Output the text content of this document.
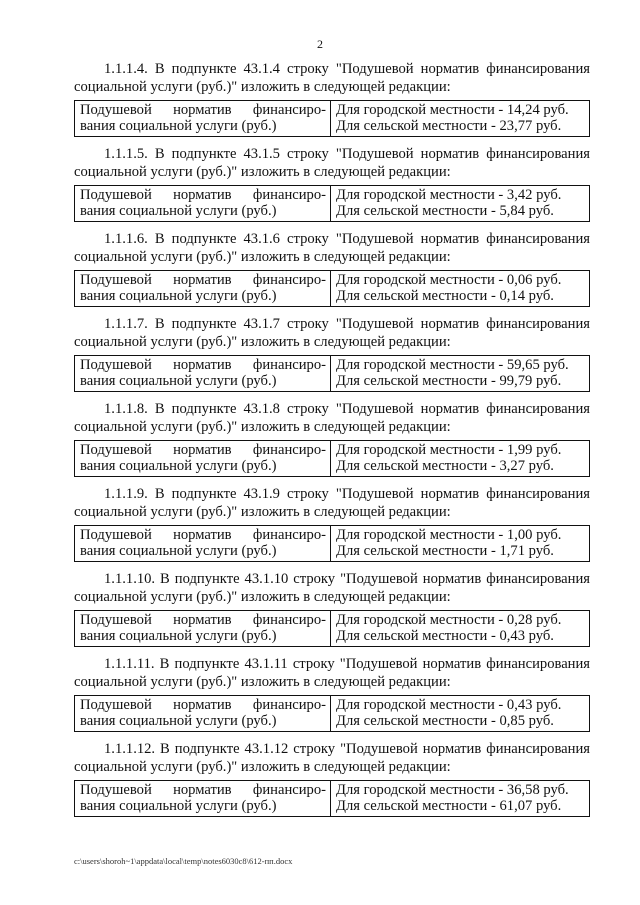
2

1.1.1.4. В подпункте 43.1.4 строку "Подушевой норматив финансирования социальной услуги (руб.)" изложить в следующей редакции:

Подушевой норматив финансиро-
вания социальной услуги (руб.)

Для городской местности - 14,24 руб.
Для сельской местности - 23,77 руб.

1.1.1.5. В подпункте 43.1.5 строку "Подушевой норматив финансирования социальной услуги (руб.)" изложить в следующей редакции:

Подушевой норматив финансиро-
вания социальной услуги (руб.)

Для городской местности - 3,42 руб.
Для сельской местности - 5,84 руб.

1.1.1.6. В подпункте 43.1.6 строку "Подушевой норматив финансирования социальной услуги (руб.)" изложить в следующей редакции:

Подушевой норматив финансиро-
вания социальной услуги (руб.)

Для городской местности - 0,06 руб.
Для сельской местности - 0,14 руб.

1.1.1.7. В подпункте 43.1.7 строку "Подушевой норматив финансирования социальной услуги (руб.)" изложить в следующей редакции:

Подушевой норматив финансиро-
вания социальной услуги (руб.)

Для городской местности - 59,65 руб.
Для сельской местности - 99,79 руб.

1.1.1.8. В подпункте 43.1.8 строку "Подушевой норматив финансирования социальной услуги (руб.)" изложить в следующей редакции:

Подушевой норматив финансиро-
вания социальной услуги (руб.)

Для городской местности - 1,99 руб.
Для сельской местности - 3,27 руб.

1.1.1.9. В подпункте 43.1.9 строку "Подушевой норматив финансирования социальной услуги (руб.)" изложить в следующей редакции:

Подушевой норматив финансиро-
вания социальной услуги (руб.)

Для городской местности - 1,00 руб.
Для сельской местности - 1,71 руб.

1.1.1.10. В подпункте 43.1.10 строку "Подушевой норматив финансирования социальной услуги (руб.)" изложить в следующей редакции:

Подушевой норматив финансиро-
вания социальной услуги (руб.)

Для городской местности - 0,28 руб.
Для сельской местности - 0,43 руб.

1.1.1.11. В подпункте 43.1.11 строку "Подушевой норматив финансирования социальной услуги (руб.)" изложить в следующей редакции:

Подушевой норматив финансиро-
вания социальной услуги (руб.)

Для городской местности - 0,43 руб.
Для сельской местности - 0,85 руб.

1.1.1.12. В подпункте 43.1.12 строку "Подушевой норматив финансирования социальной услуги (руб.)" изложить в следующей редакции:

Подушевой норматив финансиро-
вания социальной услуги (руб.)

Для городской местности - 36,58 руб.
Для сельской местности - 61,07 руб.
c:\users\shoroh~1\appdata\local\temp\notes6030c8\612-пп.docx
